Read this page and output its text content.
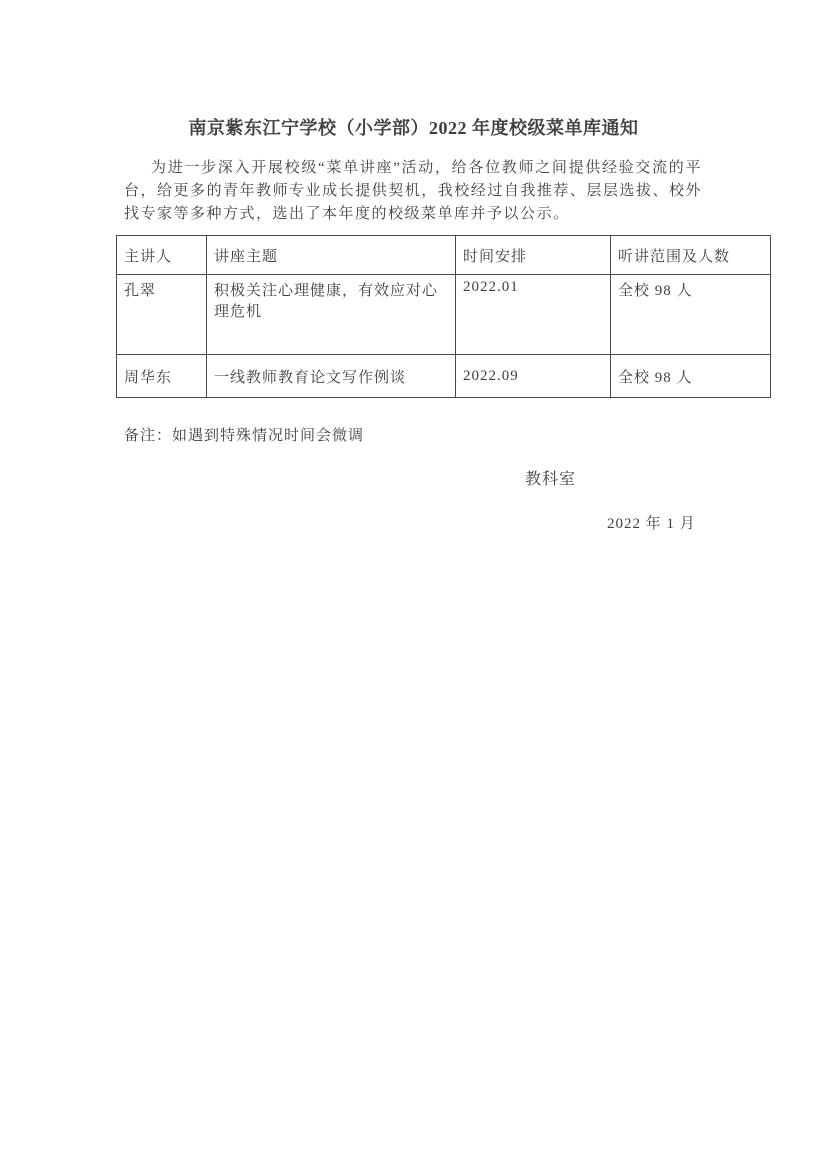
南京紫东江宁学校（小学部）2022 年度校级菜单库通知
为进一步深入开展校级“菜单讲座”活动，给各位教师之间提供经验交流的平台，给更多的青年教师专业成长提供契机，我校经过自我推荐、层层选拔、校外找专家等多种方式，选出了本年度的校级菜单库并予以公示。
主讲人	讲座主题	时间安排	听讲范围及人数
孔翠	积极关注心理健康，有效应对心理危机	2022.01	全校 98 人
周华东	一线教师教育论文写作例谈	2022.09	全校 98 人
备注：如遇到特殊情况时间会微调
教科室
2022 年 1 月
